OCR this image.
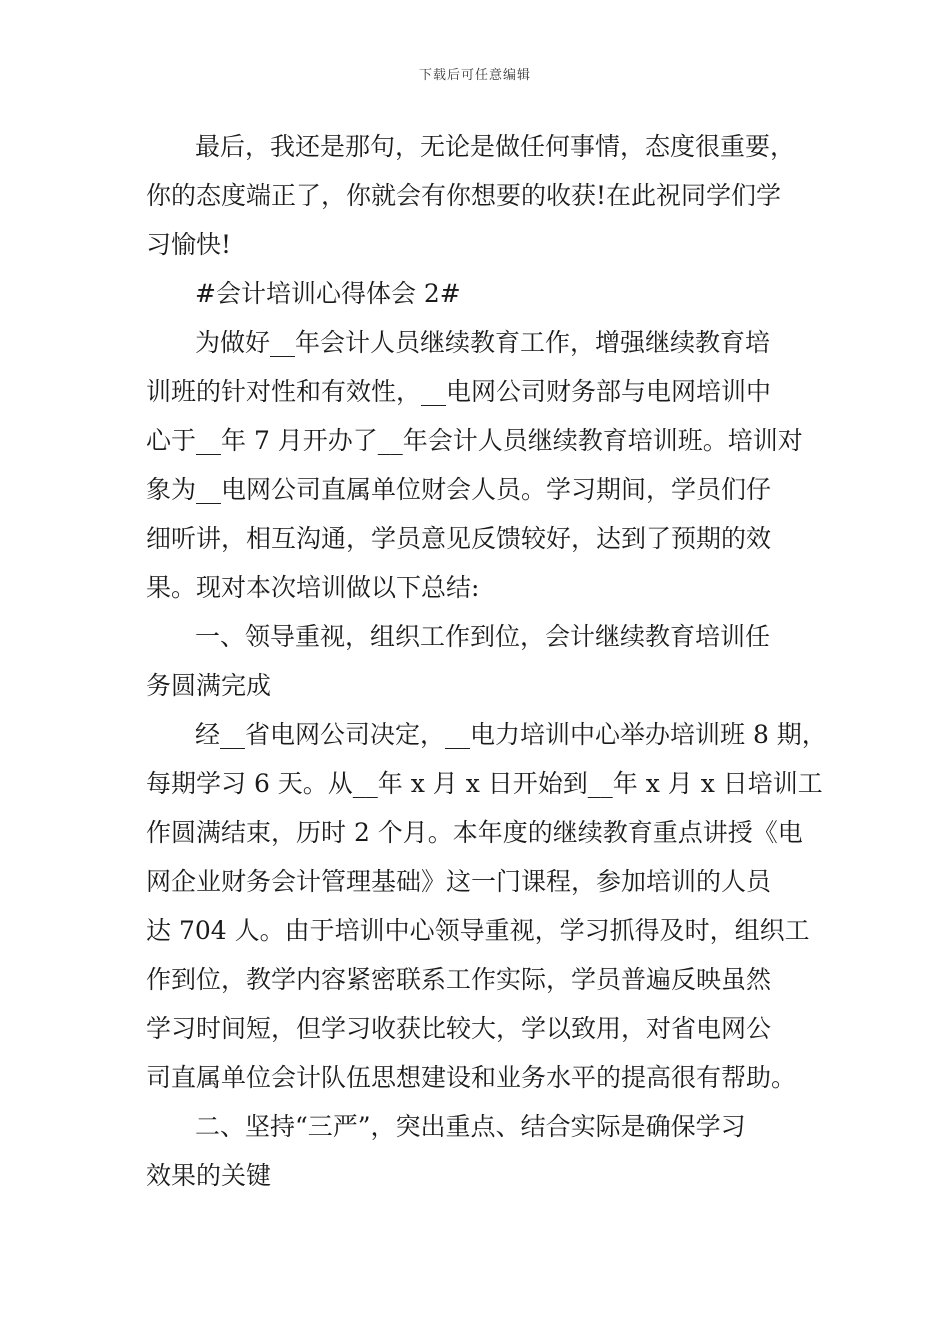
下载后可任意编辑
最后，我还是那句，无论是做任何事情，态度很重要，
你的态度端正了，你就会有你想要的收获!在此祝同学们学
习愉快!
#会计培训心得体会 2#
为做好__年会计人员继续教育工作，增强继续教育培
训班的针对性和有效性，__电网公司财务部与电网培训中
心于__年 7 月开办了__年会计人员继续教育培训班。培训对
象为__电网公司直属单位财会人员。学习期间，学员们仔
细听讲，相互沟通，学员意见反馈较好，达到了预期的效
果。现对本次培训做以下总结:
一、领导重视，组织工作到位，会计继续教育培训任
务圆满完成
经__省电网公司决定，__电力培训中心举办培训班 8 期，
每期学习 6 天。从__年 x 月 x 日开始到__年 x 月 x 日培训工
作圆满结束，历时 2 个月。本年度的继续教育重点讲授《电
网企业财务会计管理基础》这一门课程，参加培训的人员
达 704 人。由于培训中心领导重视，学习抓得及时，组织工
作到位，教学内容紧密联系工作实际，学员普遍反映虽然
学习时间短，但学习收获比较大，学以致用，对省电网公
司直属单位会计队伍思想建设和业务水平的提高很有帮助。
二、坚持“三严”，突出重点、结合实际是确保学习
效果的关键
